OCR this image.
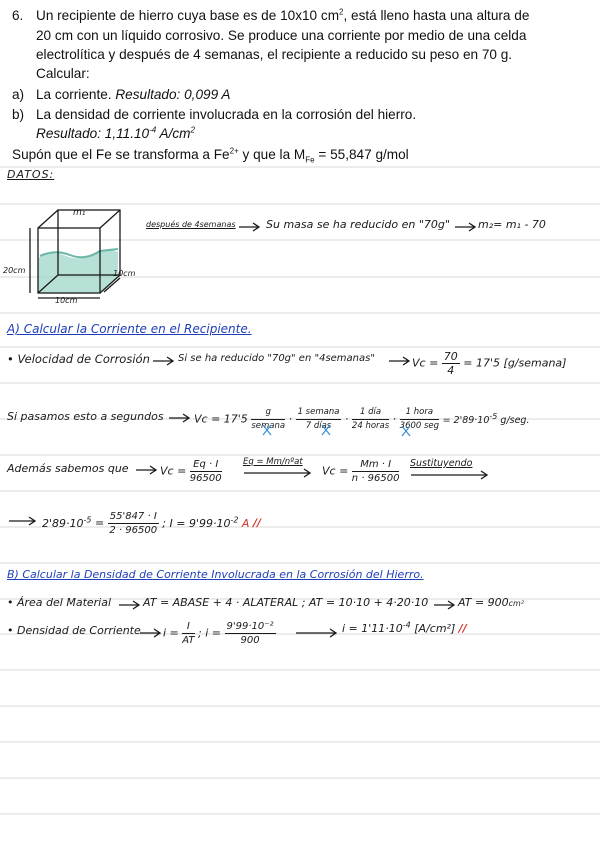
6. Un recipiente de hierro cuya base es de 10x10 $cm^2$, está lleno hasta una altura de
20 cm con un líquido corrosivo. Se produce una corriente por medio de una celda
electrolítica y después de 4 semanas, el recipiente a reducido su peso en 70 g.
Calcular:
a) La corriente. Resultado: 0,099 A
b) La densidad de corriente involucrada en la corrosión del hierro.
Resultado: $1,11.10^{-4}$ $A/cm^2$
Supón que el Fe se transforma a $Fe^{2+}$ y que la $M_{Fe} = 55,847$ g/mol
DATOS:
m₁
20cm	10cm
10cm
después de 4semanas	Su masa se ha reducido en "70g"	m₂= m₁ - 70
A) Calcular la Corriente en el Recipiente.
• Velocidad de Corrosión	Si se ha reducido "70g" en "4semanas"	$Vc = \frac{70}{4} = 17'5$ [g/semana]
Si pasamos esto a segundos	$Vc = 17'5 \frac{g}{\text{semana}} \cdot \frac{\text{1 semana}}{\text{7 días}} \cdot \frac{\text{1 día}}{\text{24 horas}} \cdot \frac{\text{1 hora}}{\text{3600 seg}} = 2'89\cdot 10^{-5}$ g/seg.
Además sabemos que	$Vc = \frac{Eq \cdot I}{96500}$	Eq = Mm/nºat
$Vc = \frac{Mm \cdot I}{n \cdot 96500}$ Sustituyendo
$2'89\cdot 10^{-5} = \frac{55'847 \cdot I}{2 \cdot 96500}$ ; $I = 9'99\cdot 10^{-2}$ A //
B) Calcular la Densidad de Corriente Involucrada en la Corrosión del Hierro.
• Área del Material	AT = ABASE + 4 · ALATERAL ; AT = 10·10 + 4·20·10	AT = 900cm²
• Densidad de Corriente $i = \frac{I}{AT}$ ; $i = \frac{\text{9'99·10⁻²}}{900}$	$i = 1'11\cdot 10^{-4}$ [A/cm²] //
